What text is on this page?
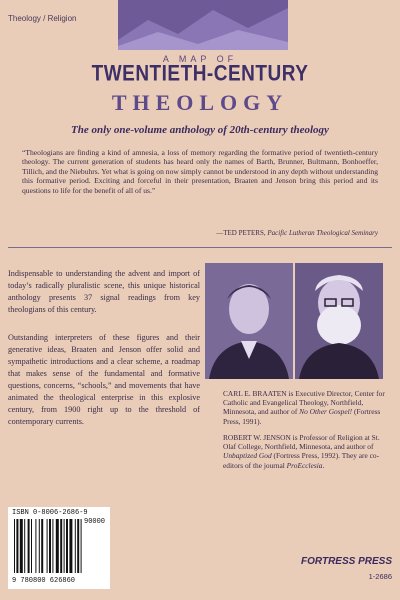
Theology / Religion
A MAP OF
TWENTIETH-CENTURY
THEOLOGY
The only one-volume anthology of 20th-century theology
“Theologians are finding a kind of amnesia, a loss of memory regarding the formative period of twentieth-century theology. The current generation of students has heard only the names of Barth, Brunner, Bultmann, Bonhoeffer, Tillich, and the Niebuhrs. Yet what is going on now simply cannot be understood in any depth without understanding this formative period. Exciting and forceful in their presentation, Braaten and Jenson bring this period and its questions to life for the benefit of all of us.”
—TED PETERS, Pacific Lutheran Theological Seminary
Indispensable to understanding the advent and import of today’s radically pluralistic scene, this unique historical anthology presents 37 signal readings from key theologians of this century.
Outstanding interpreters of these figures and their generative ideas, Braaten and Jenson offer solid and sympathetic introductions and a clear scheme, a roadmap that makes sense of the fundamental and formative questions, concerns, “schools,” and movements that have animated the theological enterprise in this explosive century, from 1900 right up to the threshold of contemporary currents.
CARL E. BRAATEN is Executive Director, Center for Catholic and Evangelical Theology, Northfield, Minnesota, and author of No Other Gospel! (Fortress Press, 1991).
ROBERT W. JENSON is Professor of Religion at St. Olaf College, Northfield, Minnesota, and author of Unbaptized God (Fortress Press, 1992). They are co-editors of the journal ProEcclesia.
ISBN 0-8006-2686-9
90000
9 780800 626860
FORTRESS PRESS
1-2686
